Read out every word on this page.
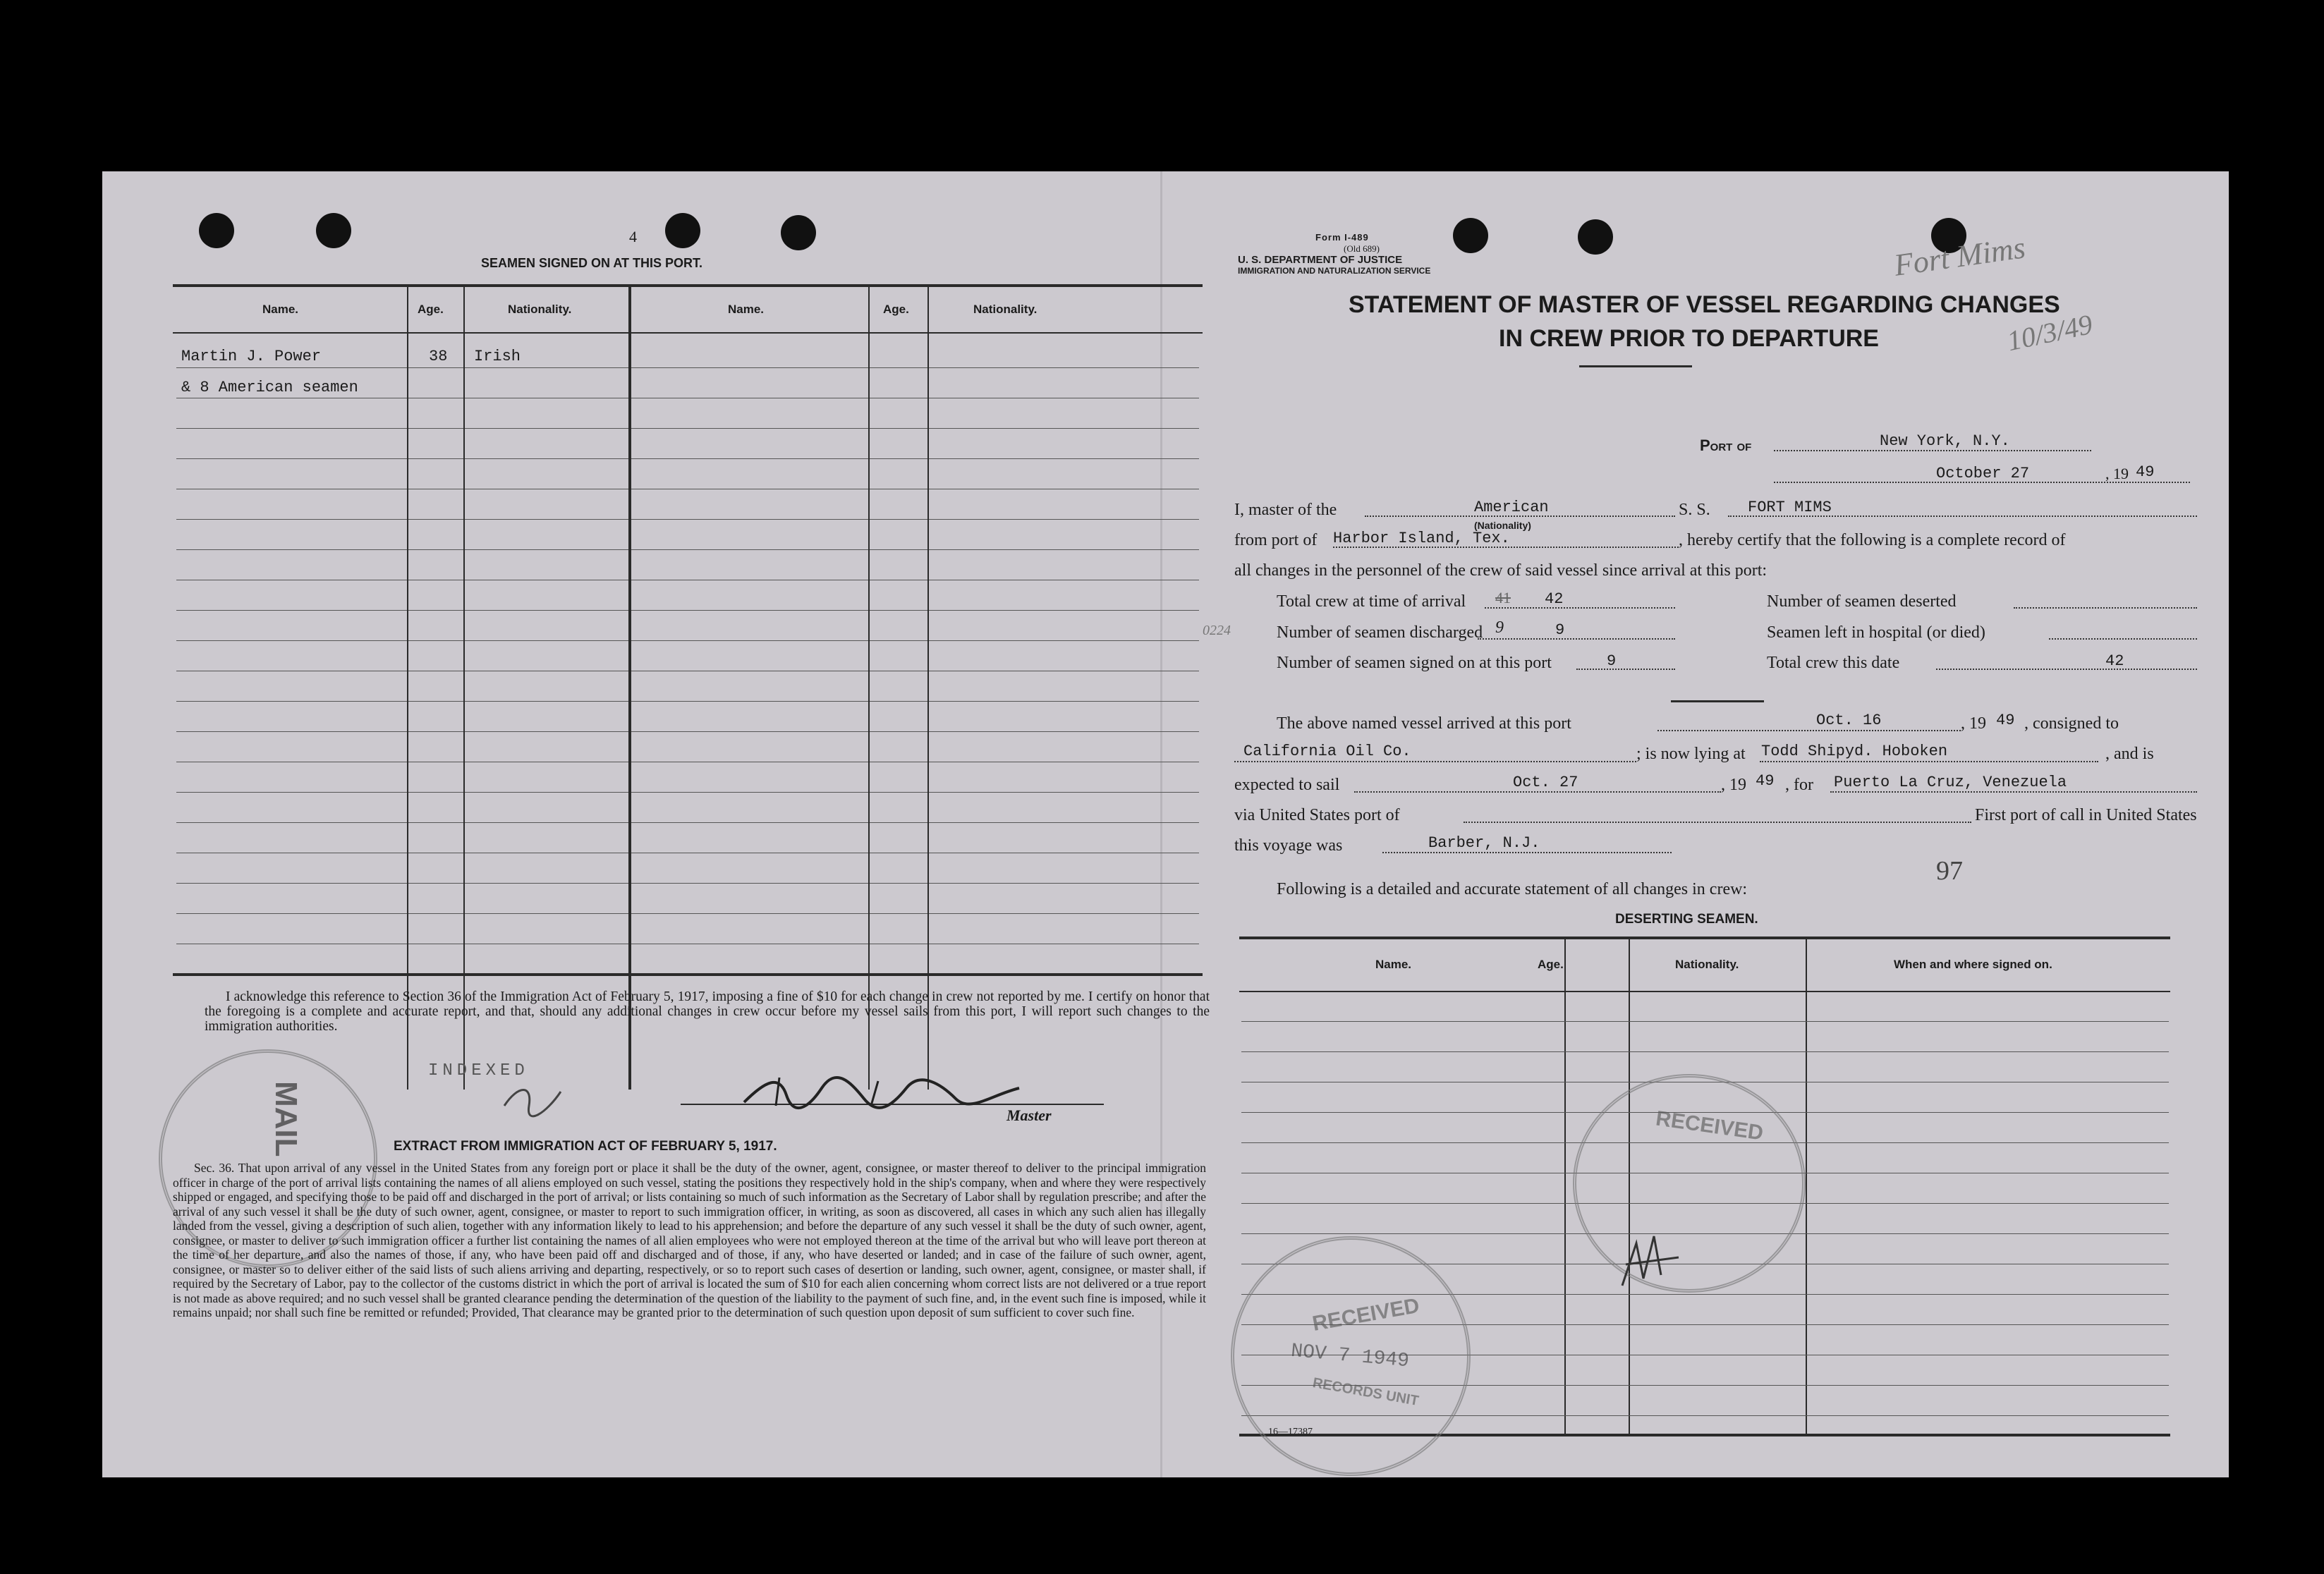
4
SEAMEN SIGNED ON AT THIS PORT.
Name.	Age.	Nationality.	Name.	Age.	Nationality.
Martin J. Power	38 Irish
& 8 American seamen
I acknowledge this reference to Section 36 of the Immigration Act of February 5, 1917, imposing a fine of $10 for each change in crew not reported by me. I certify on honor that the foregoing is a complete and accurate report, and that, should any additional changes in crew occur before my vessel sails from this port, I will report such changes to the immigration authorities.
Master
INDEXED
MAIL	EXTRACT FROM IMMIGRATION ACT OF FEBRUARY 5, 1917.
Sec. 36. That upon arrival of any vessel in the United States from any foreign port or place it shall be the duty of the owner, agent, consignee, or master thereof to deliver to the principal immigration officer in charge of the port of arrival lists containing the names of all aliens employed on such vessel, stating the positions they respectively hold in the ship's company, when and where they were respectively shipped or engaged, and specifying those to be paid off and discharged in the port of arrival; or lists containing so much of such information as the Secretary of Labor shall by regulation prescribe; and after the arrival of any such vessel it shall be the duty of such owner, agent, consignee, or master to report to such immigration officer, in writing, as soon as discovered, all cases in which any such alien has illegally landed from the vessel, giving a description of such alien, together with any information likely to lead to his apprehension; and before the departure of any such vessel it shall be the duty of such owner, agent, consignee, or master to deliver to such immigration officer a further list containing the names of all alien employees who were not employed thereon at the time of the arrival but who will leave port thereon at the time of her departure, and also the names of those, if any, who have been paid off and discharged and of those, if any, who have deserted or landed; and in case of the failure of such owner, agent, consignee, or master so to deliver either of the said lists of such aliens arriving and departing, respectively, or so to report such cases of desertion or landing, such owner, agent, consignee, or master shall, if required by the Secretary of Labor, pay to the collector of the customs district in which the port of arrival is located the sum of $10 for each alien concerning whom correct lists are not delivered or a true report is not made as above required; and no such vessel shall be granted clearance pending the determination of the question of the liability to the payment of such fine, and, in the event such fine is imposed, while it remains unpaid; nor shall such fine be remitted or refunded; Provided, That clearance may be granted prior to the determination of such question upon deposit of sum sufficient to cover such fine.
Form I-489
(Old 689)
U. S. DEPARTMENT OF JUSTICE
IMMIGRATION AND NATURALIZATION SERVICE
STATEMENT OF MASTER OF VESSEL REGARDING CHANGES
IN CREW PRIOR TO DEPARTURE
Fort Mims
10/3/49
Port of	New York, N.Y.
October 27	, 19 49
I, master of the	American
(Nationality)
S. S. FORT MIMS
from port of Harbor Island, Tex.	, hereby certify that the following is a complete record of
all changes in the personnel of the crew of said vessel since arrival at this port:
Total crew at time of arrival 41 42	Number of seamen deserted
0224	Number of seamen discharged 9	9	Seamen left in hospital (or died)
Number of seamen signed on at this port	9	Total crew this date	42
The above named vessel arrived at this port	Oct. 16	, 19 49 , consigned to
California Oil Co.	; is now lying at Todd Shipyd. Hoboken	, and is
expected to sail	Oct. 27	, 19 49 , for Puerto La Cruz, Venezuela
via United States port of	First port of call in United States
this voyage was	Barber, N.J.
97
Following is a detailed and accurate statement of all changes in crew:
DESERTING SEAMEN.
Name.	Age.	Nationality.	When and where signed on.
RECEIVED
RECEIVED
NOV 7 1949
RECORDS UNIT
16—17387
